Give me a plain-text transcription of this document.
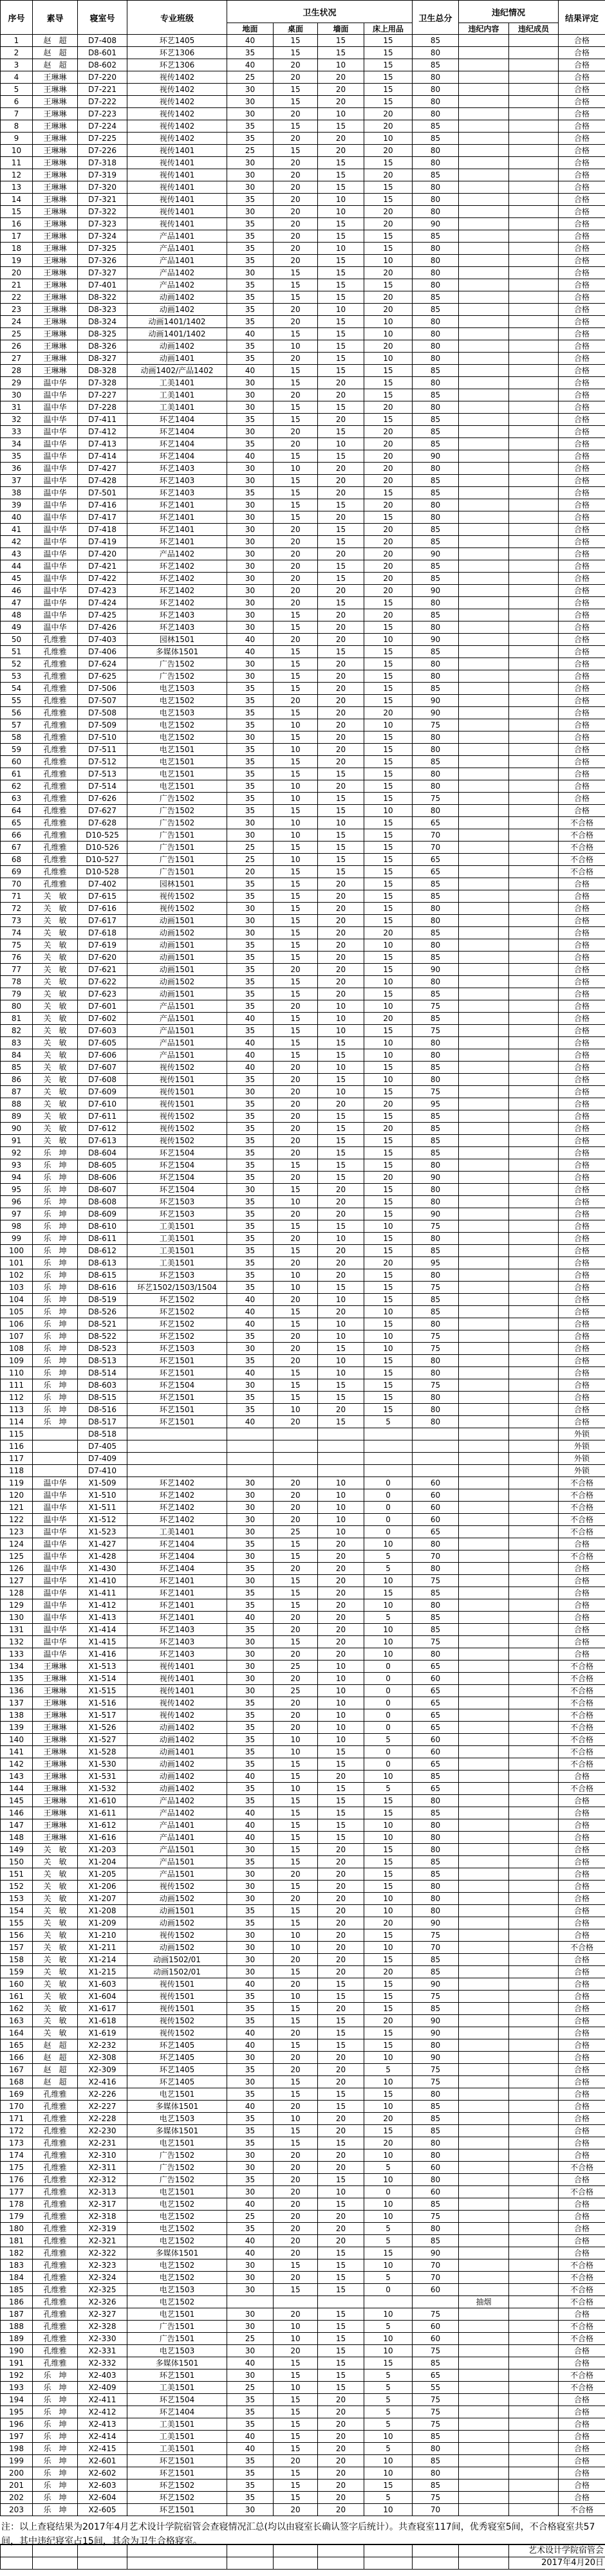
序号	素导	寝室号	专业班级	卫生状况				卫生总分	违纪情况		结果评定
				地面	桌面	墙面	床上用品		违纪内容	违纪成员	
1	赵　超	D7-408	环艺1405	40	15	15	15	85			合格
2	赵　超	D8-601	环艺1306	35	15	15	15	80			合格
3	赵　超	D8-602	环艺1306	40	20	10	15	85			合格
4	王琳琳	D7-220	视传1402	25	20	20	15	80			合格
5	王琳琳	D7-221	视传1402	30	15	20	15	80			合格
6	王琳琳	D7-222	视传1402	30	15	20	15	80			合格
7	王琳琳	D7-223	视传1402	30	20	10	20	80			合格
8	王琳琳	D7-224	视传1402	35	15	15	20	85			合格
9	王琳琳	D7-225	视传1402	35	20	20	10	85			合格
10	王琳琳	D7-226	视传1401	25	15	20	20	80			合格
11	王琳琳	D7-318	视传1401	30	20	15	15	80			合格
12	王琳琳	D7-319	视传1401	30	20	15	20	85			合格
13	王琳琳	D7-320	视传1401	30	20	15	15	80			合格
14	王琳琳	D7-321	视传1401	35	20	10	15	80			合格
15	王琳琳	D7-322	视传1401	30	20	10	20	80			合格
16	王琳琳	D7-323	视传1401	35	20	15	20	90			合格
17	王琳琳	D7-324	产品1401	35	20	15	15	85			合格
18	王琳琳	D7-325	产品1401	35	20	10	15	80			合格
19	王琳琳	D7-326	产品1401	35	20	15	10	80			合格
20	王琳琳	D7-327	产品1402	30	15	15	20	80			合格
21	王琳琳	D7-401	产品1402	35	15	15	15	80			合格
22	王琳琳	D8-322	动画1402	35	15	15	20	85			合格
23	王琳琳	D8-323	动画1402	35	20	10	20	85			合格
24	王琳琳	D8-324	动画1401/1402	35	20	15	10	80			合格
25	王琳琳	D8-325	动画1401/1402	40	15	15	10	80			合格
26	王琳琳	D8-326	动画1402	35	10	15	20	80			合格
27	王琳琳	D8-327	动画1401	35	20	15	10	80			合格
28	王琳琳	D8-328	动画1402/产品1402	40	15	15	15	85			合格
29	温中华	D7-328	工美1401	30	15	20	15	80			合格
30	温中华	D7-227	工美1401	30	20	20	15	85			合格
31	温中华	D7-228	工美1401	30	15	15	20	80			合格
32	温中华	D7-411	环艺1404	35	15	20	15	85			合格
33	温中华	D7-412	环艺1404	30	20	15	20	85			合格
34	温中华	D7-413	环艺1404	35	20	10	20	85			合格
35	温中华	D7-414	环艺1404	40	15	15	20	90			合格
36	温中华	D7-427	环艺1403	30	10	20	20	80			合格
37	温中华	D7-428	环艺1403	30	15	20	20	85			合格
38	温中华	D7-501	环艺1403	35	15	20	15	85			合格
39	温中华	D7-416	环艺1401	30	15	15	20	80			合格
40	温中华	D7-417	环艺1401	30	15	20	15	80			合格
41	温中华	D7-418	环艺1401	30	20	15	20	85			合格
42	温中华	D7-419	环艺1401	30	20	15	20	85			合格
43	温中华	D7-420	产品1402	30	20	20	20	90			合格
44	温中华	D7-421	环艺1402	30	20	15	20	85			合格
45	温中华	D7-422	环艺1402	30	20	15	20	85			合格
46	温中华	D7-423	环艺1402	30	20	20	20	90			合格
47	温中华	D7-424	环艺1402	30	20	15	15	80			合格
48	温中华	D7-425	环艺1403	30	15	20	20	85			合格
49	温中华	D7-426	环艺1403	30	15	20	15	80			合格
50	孔维雅	D7-403	园林1501	40	20	20	10	90			合格
51	孔维雅	D7-406	多媒体1501	40	15	15	15	85			合格
52	孔维雅	D7-624	广告1502	30	15	20	15	80			合格
53	孔维雅	D7-625	广告1502	30	15	20	15	80			合格
54	孔维雅	D7-506	电艺1503	35	15	20	15	85			合格
55	孔维雅	D7-507	电艺1502	35	20	20	15	90			合格
56	孔维雅	D7-508	电艺1503	35	15	20	20	90			合格
57	孔维雅	D7-509	电艺1502	35	10	20	10	75			合格
58	孔维雅	D7-510	电艺1502	30	15	20	15	80			合格
59	孔维雅	D7-511	电艺1501	35	10	20	15	80			合格
60	孔维雅	D7-512	电艺1501	35	15	20	15	85			合格
61	孔维雅	D7-513	电艺1501	35	15	15	15	80			合格
62	孔维雅	D7-514	电艺1501	35	10	20	15	80			合格
63	孔维雅	D7-626	广告1502	35	10	15	15	75			合格
64	孔维雅	D7-627	广告1502	35	15	15	10	80			合格
65	孔维雅	D7-628	广告1502	30	10	10	15	65			不合格
66	孔维雅	D10-525	广告1501	30	10	15	15	70			不合格
67	孔维雅	D10-526	广告1501	25	15	15	15	70			不合格
68	孔维雅	D10-527	广告1501	25	10	15	15	65			不合格
69	孔维雅	D10-528	广告1501	20	15	15	15	65			不合格
70	孔维雅	D7-402	园林1501	35	15	20	15	85			合格
71	关　敏	D7-615	视传1502	35	15	20	15	85			合格
72	关　敏	D7-616	视传1502	30	15	20	15	80			合格
73	关　敏	D7-617	动画1501	30	15	20	15	80			合格
74	关　敏	D7-618	动画1502	30	15	20	20	85			合格
75	关　敏	D7-619	动画1501	35	15	20	10	80			合格
76	关　敏	D7-620	动画1501	35	15	20	15	85			合格
77	关　敏	D7-621	动画1501	35	20	20	15	90			合格
78	关　敏	D7-622	动画1502	35	15	20	10	80			合格
79	关　敏	D7-623	动画1501	35	15	20	15	85			合格
80	关　敏	D7-601	产品1501	35	20	10	10	75			合格
81	关　敏	D7-602	产品1501	40	15	10	20	85			合格
82	关　敏	D7-603	产品1501	35	15	10	15	75			合格
83	关　敏	D7-605	产品1501	40	15	15	10	80			合格
84	关　敏	D7-606	产品1501	40	15	15	10	80			合格
85	关　敏	D7-607	视传1502	40	20	10	15	85			合格
86	关　敏	D7-608	视传1501	35	20	15	10	80			合格
87	关　敏	D7-609	视传1501	30	20	10	15	75			合格
88	关　敏	D7-610	视传1501	35	20	20	20	95			合格
89	关　敏	D7-611	视传1502	35	20	15	15	85			合格
90	关　敏	D7-612	视传1502	35	20	15	20	85			合格
91	关　敏	D7-613	视传1502	35	20	15	15	85			合格
92	乐　坤	D8-604	环艺1504	35	20	15	15	85			合格
93	乐　坤	D8-605	环艺1504	35	15	15	15	80			合格
94	乐　坤	D8-606	环艺1504	35	20	15	20	90			合格
95	乐　坤	D8-607	环艺1504	30	15	20	15	80			合格
96	乐　坤	D8-608	环艺1503	35	10	20	15	80			合格
97	乐　坤	D8-609	环艺1503	35	20	20	15	90			合格
98	乐　坤	D8-610	工美1501	35	15	15	10	75			合格
99	乐　坤	D8-611	工美1501	35	20	10	15	80			合格
100	乐　坤	D8-612	工美1501	35	15	20	15	85			合格
101	乐　坤	D8-613	工美1501	35	20	20	20	95			合格
102	乐　坤	D8-615	环艺1503	35	10	20	15	80			合格
103	乐　坤	D8-616	环艺1502/1503/1504	35	10	15	15	75			合格
104	乐　坤	D8-519	环艺1502	40	20	10	15	85			合格
105	乐　坤	D8-526	环艺1502	40	15	20	10	85			合格
106	乐　坤	D8-521	环艺1502	40	15	10	15	80			合格
107	乐　坤	D8-522	环艺1502	35	20	10	10	75			合格
108	乐　坤	D8-523	环艺1503	30	20	15	10	75			合格
109	乐　坤	D8-513	环艺1501	35	20	10	15	80			合格
110	乐　坤	D8-514	环艺1501	40	15	10	15	80			合格
111	乐　坤	D8-603	环艺1504	30	15	15	15	75			合格
112	乐　坤	D8-515	环艺1501	35	15	15	15	80			合格
113	乐　坤	D8-516	环艺1501	35	10	20	15	80			合格
114	乐　坤	D8-517	环艺1501	40	20	15	5	80			合格
115		D8-518									外锁
116		D7-405									外锁
117		D7-409									外锁
118		D7-410									外锁
119	温中华	X1-509	环艺1402	30	20	10	0	60			不合格
120	温中华	X1-510	环艺1402	30	20	10	0	60			不合格
121	温中华	X1-511	环艺1402	30	20	10	0	60			不合格
122	温中华	X1-512	环艺1402	30	20	10	0	60			不合格
123	温中华	X1-523	工美1401	30	25	10	0	65			不合格
124	温中华	X1-427	环艺1404	35	15	20	10	80			合格
125	温中华	X1-428	环艺1404	30	15	20	5	70			不合格
126	温中华	X1-430	环艺1404	35	20	20	5	80			合格
127	温中华	X1-410	环艺1401	30	15	20	10	75			合格
128	温中华	X1-411	环艺1401	35	15	20	15	85			合格
129	温中华	X1-412	环艺1401	35	15	20	10	80			合格
130	温中华	X1-413	环艺1401	40	20	20	5	85			合格
131	温中华	X1-414	环艺1403	35	20	20	10	85			合格
132	温中华	X1-415	环艺1403	30	15	20	10	75			合格
133	温中华	X1-416	环艺1403	30	20	20	10	80			合格
134	王琳琳	X1-513	视传1401	30	25	10	0	65			不合格
135	王琳琳	X1-514	视传1401	30	20	10	0	60			不合格
136	王琳琳	X1-515	视传1401	30	25	10	0	65			不合格
137	王琳琳	X1-516	视传1402	35	20	10	0	65			不合格
138	王琳琳	X1-517	视传1402	35	20	10	0	65			不合格
139	王琳琳	X1-526	动画1402	35	20	10	0	65			不合格
140	王琳琳	X1-527	动画1402	35	10	10	5	60			不合格
141	王琳琳	X1-528	动画1401	35	10	15	0	60			不合格
142	王琳琳	X1-530	动画1402	35	15	15	0	65			不合格
143	王琳琳	X1-531	动画1402	40	15	20	10	85			合格
144	王琳琳	X1-532	动画1402	35	10	15	5	65			不合格
145	王琳琳	X1-610	产品1402	35	15	15	15	80			合格
146	王琳琳	X1-611	产品1402	40	15	15	15	85			合格
147	王琳琳	X1-612	产品1401	40	15	15	10	80			合格
148	王琳琳	X1-616	产品1401	40	15	15	10	80			合格
149	关　敏	X1-203	产品1501	30	15	20	15	80			合格
150	关　敏	X1-204	产品1501	35	15	20	15	85			合格
151	关　敏	X1-205	产品1501	30	20	20	15	85			合格
152	关　敏	X1-206	视传1502	30	15	20	15	80			合格
153	关　敏	X1-207	动画1502	30	20	20	10	80			合格
154	关　敏	X1-208	动画1501	35	15	20	10	80			合格
155	关　敏	X1-209	动画1502	35	15	20	20	90			合格
156	关　敏	X1-210	视传1502	30	10	20	15	75			合格
157	关　敏	X1-211	动画1502	30	10	20	10	70			不合格
158	关　敏	X1-214	动画1502/01	30	20	20	15	85			合格
159	关　敏	X1-215	动画1502/01	30	15	20	20	85			合格
160	关　敏	X1-603	视传1501	40	20	15	15	90			合格
161	关　敏	X1-604	视传1501	35	10	15	15	75			合格
162	关　敏	X1-617	视传1501	35	15	20	15	85			合格
163	关　敏	X1-618	视传1502	35	15	15	20	90			合格
164	关　敏	X1-619	视传1502	40	20	15	15	90			合格
165	赵　超	X2-232	环艺1405	40	15	15	15	80			合格
166	赵　超	X2-308	环艺1405	30	20	20	10	90			合格
167	赵　超	X2-309	环艺1405	35	20	20	5	75			合格
168	赵　超	X2-416	环艺1405	30	15	20	10	75			合格
169	孔维雅	X2-226	电艺1501	35	15	15	15	80			合格
170	孔维雅	X2-227	多媒体1501	40	20	15	10	85			合格
171	孔维雅	X2-228	电艺1503	35	10	20	20	85			合格
172	孔维雅	X2-230	多媒体1501	35	15	20	15	85			合格
173	孔维雅	X2-231	电艺1501	35	15	15	20	80			合格
174	孔维雅	X2-310	广告1502	30	20	20	10	80			合格
175	孔维雅	X2-311	广告1502	30	20	20	5	60			不合格
176	孔维雅	X2-312	广告1502	35	20	15	10	80			合格
177	孔维雅	X2-313	电艺1501	30	20	10	0	60			不合格
178	孔维雅	X2-317	电艺1502	40	20	15	10	85			合格
179	孔维雅	X2-318	电艺1502	25	20	20	10	75			合格
180	孔维雅	X2-319	电艺1502	35	20	20	5	80			合格
181	孔维雅	X2-321	电艺1502	40	20	20	5	85			合格
182	孔维雅	X2-322	多媒体1501	40	20	15	15	90			合格
183	孔维雅	X2-323	电艺1502	30	15	15	10	70			不合格
184	孔维雅	X2-324	电艺1502	30	20	15	5	70			不合格
185	孔维雅	X2-325	电艺1503	30	15	15	0	60			不合格
186	孔维雅	X2-326	电艺1502						抽烟		不合格
187	孔维雅	X2-327	电艺1501	30	20	15	10	75			合格
188	孔维雅	X2-328	广告1501	30	10	15	5	60			不合格
189	孔维雅	X2-330	广告1501	25	10	15	10	60			不合格
190	孔维雅	X2-331	电艺1503	30	20	15	10	75			合格
191	孔维雅	X2-332	多媒体1501	40	15	15	15	85			合格
192	乐　坤	X2-403	环艺1501	30	15	15	5	65			不合格
193	乐　坤	X2-409	工美1501	25	10	15	5	55			不合格
194	乐　坤	X2-411	环艺1504	35	15	20	5	75			合格
195	乐　坤	X2-412	环艺1404	35	15	20	5	75			合格
196	乐　坤	X2-413	工美1501	35	15	20	5	75			合格
197	乐　坤	X2-414	工美1501	40	15	20	10	85			合格
198	乐　坤	X2-415	工美1501	40	15	20	5	80			合格
199	乐　坤	X2-601	环艺1501	35	20	20	10	85			合格
200	乐　坤	X2-602	环艺1501	35	15	20	10	80			合格
201	乐　坤	X2-603	环艺1502	35	15	20	15	85			合格
202	乐　坤	X2-604	环艺1502	35	15	20	5	75			合格
203	乐　坤	X2-605	环艺1501	30	20	20	10	70			不合格
注：以上查寝结果为2017年4月艺术设计学院宿管会查寝情况汇总(均以由寝室长确认签字后统计）。共查寝室117间，优秀寝室5间，不合格寝室共57间，其中违纪寝室占15间，其余为卫生合格寝室。
										艺术设计学院宿管会
										2017年4月20日
